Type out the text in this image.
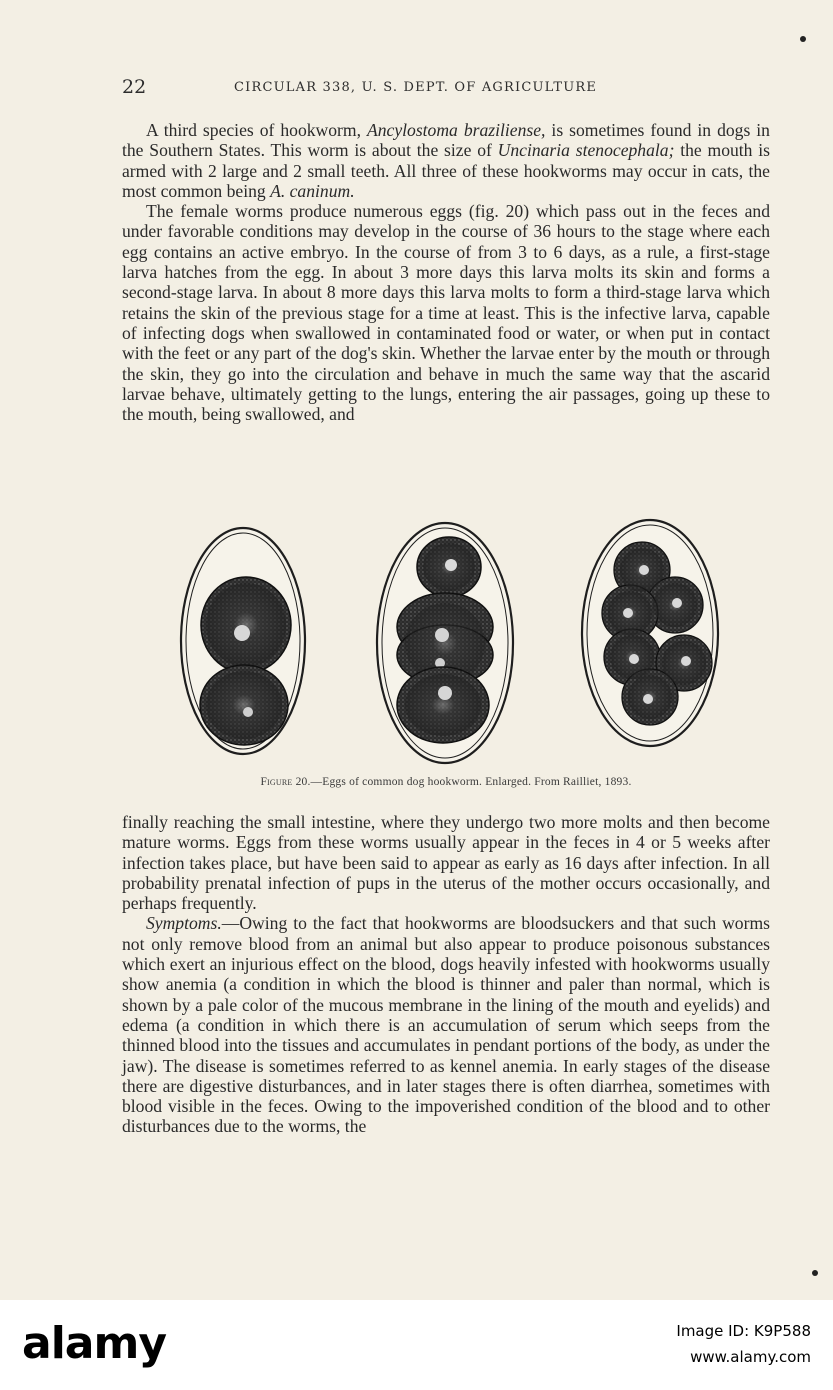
22	CIRCULAR 338, U. S. DEPT. OF AGRICULTURE

A third species of hookworm, Ancylostoma braziliense, is sometimes found in dogs in the Southern States. This worm is about the size of Uncinaria stenocephala; the mouth is armed with 2 large and 2 small teeth. All three of these hookworms may occur in cats, the most common being A. caninum.

The female worms produce numerous eggs (fig. 20) which pass out in the feces and under favorable conditions may develop in the course of 36 hours to the stage where each egg contains an active embryo. In the course of from 3 to 6 days, as a rule, a first-stage larva hatches from the egg. In about 3 more days this larva molts its skin and forms a second-stage larva. In about 8 more days this larva molts to form a third-stage larva which retains the skin of the previous stage for a time at least. This is the infective larva, capable of infecting dogs when swallowed in contaminated food or water, or when put in contact with the feet or any part of the dog's skin. Whether the larvae enter by the mouth or through the skin, they go into the circulation and behave in much the same way that the ascarid larvae behave, ultimately getting to the lungs, entering the air passages, going up these to the mouth, being swallowed, and

Figure 20.—Eggs of common dog hookworm. Enlarged. From Railliet, 1893.

finally reaching the small intestine, where they undergo two more molts and then become mature worms. Eggs from these worms usually appear in the feces in 4 or 5 weeks after infection takes place, but have been said to appear as early as 16 days after infection. In all probability prenatal infection of pups in the uterus of the mother occurs occasionally, and perhaps frequently.

Symptoms.—Owing to the fact that hookworms are bloodsuckers and that such worms not only remove blood from an animal but also appear to produce poisonous substances which exert an injurious effect on the blood, dogs heavily infested with hookworms usually show anemia (a condition in which the blood is thinner and paler than normal, which is shown by a pale color of the mucous membrane in the lining of the mouth and eyelids) and edema (a condition in which there is an accumulation of serum which seeps from the thinned blood into the tissues and accumulates in pendant portions of the body, as under the jaw). The disease is sometimes referred to as kennel anemia. In early stages of the disease there are digestive disturbances, and in later stages there is often diarrhea, sometimes with blood visible in the feces. Owing to the impoverished condition of the blood and to other disturbances due to the worms, the

alamy	Image ID: K9P588
www.alamy.com
